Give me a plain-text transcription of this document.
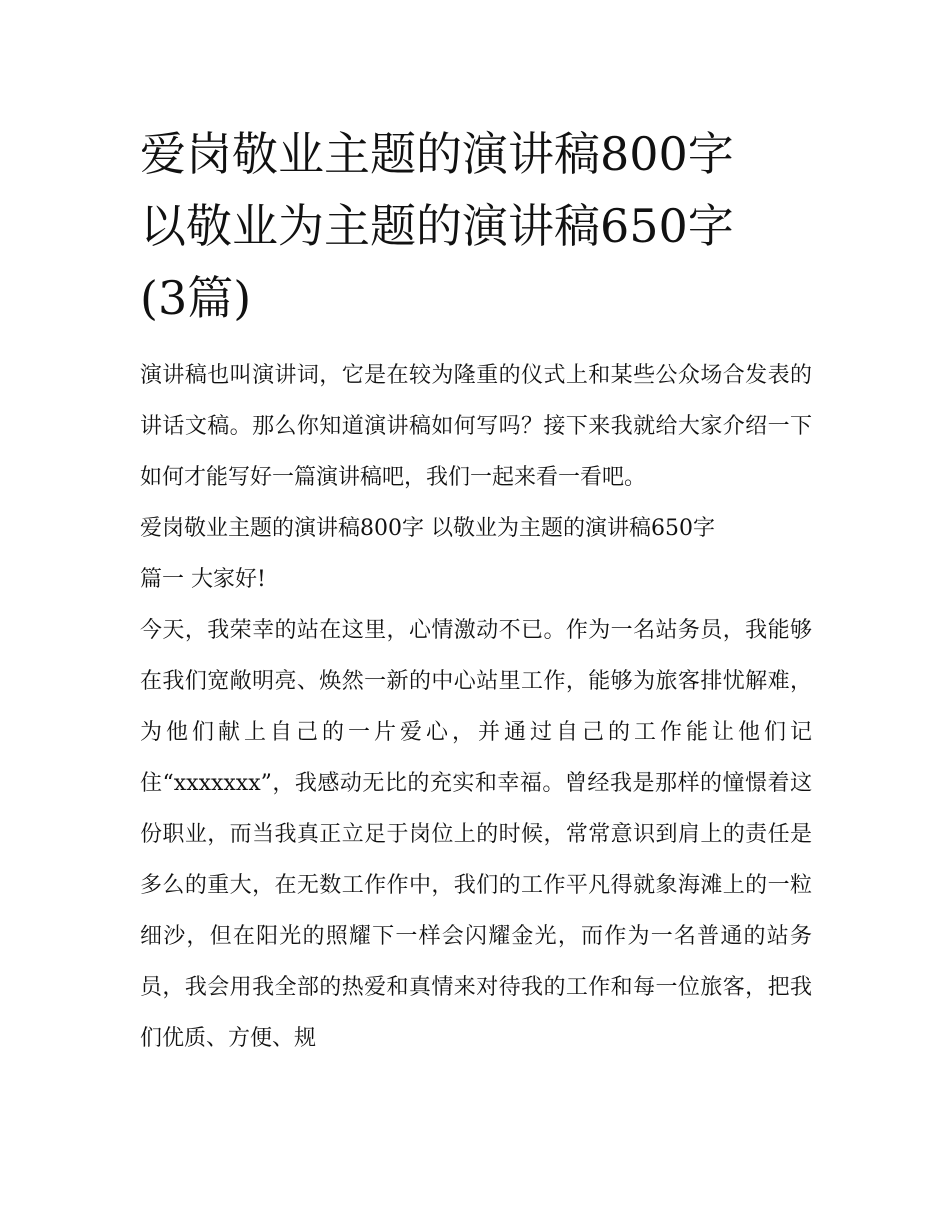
爱岗敬业主题的演讲稿800字
以敬业为主题的演讲稿650字
(3篇)

演讲稿也叫演讲词，它是在较为隆重的仪式上和某些公众场合发表的讲话文稿。那么你知道演讲稿如何写吗？接下来我就给大家介绍一下如何才能写好一篇演讲稿吧，我们一起来看一看吧。

爱岗敬业主题的演讲稿800字 以敬业为主题的演讲稿650字

篇一 大家好!

今天，我荣幸的站在这里，心情激动不已。作为一名站务员，我能够在我们宽敞明亮、焕然一新的中心站里工作，能够为旅客排忧解难，为他们献上自己的一片爱心，并通过自己的工作能让他们记住“xxxxxxx”，我感动无比的充实和幸福。曾经我是那样的憧憬着这份职业，而当我真正立足于岗位上的时候，常常意识到肩上的责任是多么的重大，在无数工作作中，我们的工作平凡得就象海滩上的一粒细沙，但在阳光的照耀下一样会闪耀金光，而作为一名普通的站务员，我会用我全部的热爱和真情来对待我的工作和每一位旅客，把我们优质、方便、规
